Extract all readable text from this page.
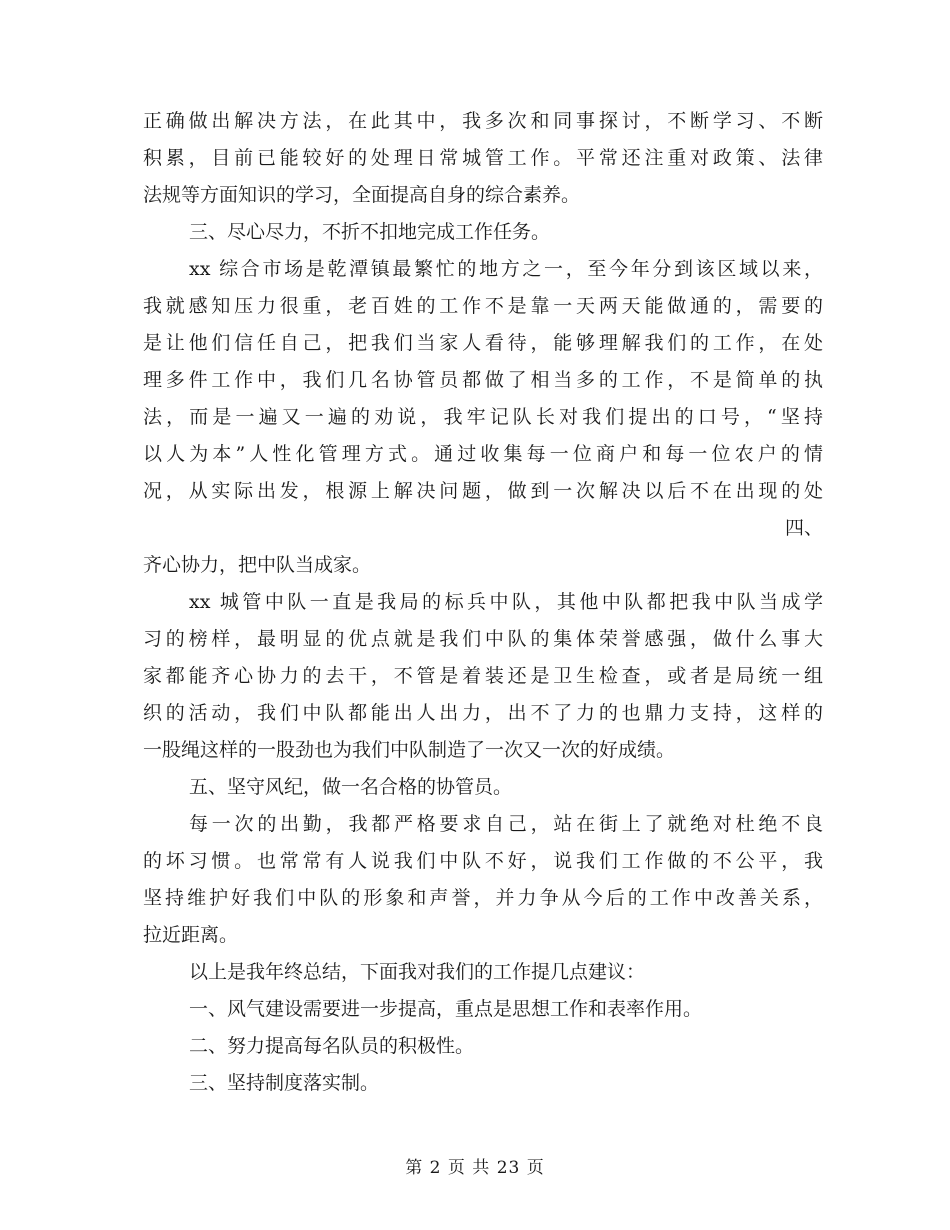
正确做出解决方法，在此其中，我多次和同事探讨，不断学习、不断
积累，目前已能较好的处理日常城管工作。平常还注重对政策、法律
法规等方面知识的学习，全面提高自身的综合素养。
三、尽心尽力，不折不扣地完成工作任务。
xx 综合市场是乾潭镇最繁忙的地方之一，至今年分到该区域以来，
我就感知压力很重，老百姓的工作不是靠一天两天能做通的，需要的
是让他们信任自己，把我们当家人看待，能够理解我们的工作，在处
理多件工作中，我们几名协管员都做了相当多的工作，不是简单的执
法，而是一遍又一遍的劝说，我牢记队长对我们提出的口号，“坚持
以人为本”人性化管理方式。通过收集每一位商户和每一位农户的情
况，从实际出发，根源上解决问题，做到一次解决以后不在出现的处

四、

齐心协力，把中队当成家。
xx 城管中队一直是我局的标兵中队，其他中队都把我中队当成学
习的榜样，最明显的优点就是我们中队的集体荣誉感强，做什么事大
家都能齐心协力的去干，不管是着装还是卫生检查，或者是局统一组
织的活动，我们中队都能出人出力，出不了力的也鼎力支持，这样的
一股绳这样的一股劲也为我们中队制造了一次又一次的好成绩。
五、坚守风纪，做一名合格的协管员。
每一次的出勤，我都严格要求自己，站在街上了就绝对杜绝不良
的坏习惯。也常常有人说我们中队不好，说我们工作做的不公平，我
坚持维护好我们中队的形象和声誉，并力争从今后的工作中改善关系，
拉近距离。
以上是我年终总结，下面我对我们的工作提几点建议：
一、风气建设需要进一步提高，重点是思想工作和表率作用。
二、努力提高每名队员的积极性。
三、坚持制度落实制。
第 2 页 共 23 页
